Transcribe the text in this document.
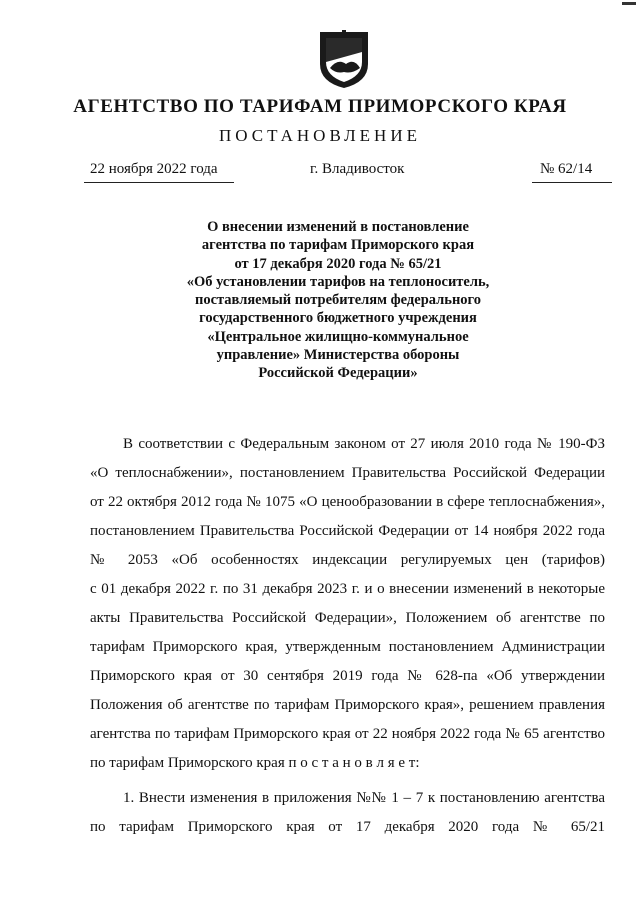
АГЕНТСТВО ПО ТАРИФАМ ПРИМОРСКОГО КРАЯ
ПОСТАНОВЛЕНИЕ
22 ноября 2022 года	г. Владивосток	№ 62/14
О внесении изменений в постановление
агентства по тарифам Приморского края
от 17 декабря 2020 года № 65/21
«Об установлении тарифов на теплоноситель,
поставляемый потребителям федерального
государственного бюджетного учреждения
«Центральное жилищно-коммунальное
управление» Министерства обороны
Российской Федерации»
В соответствии с Федеральным законом от 27 июля 2010 года № 190-ФЗ
«О теплоснабжении», постановлением Правительства Российской Федерации
от 22 октября 2012 года № 1075 «О ценообразовании в сфере теплоснабжения»,
постановлением Правительства Российской Федерации от 14 ноября 2022 года
№ 2053 «Об особенностях индексации регулируемых цен (тарифов)
с 01 декабря 2022 г. по 31 декабря 2023 г. и о внесении изменений в некоторые
акты Правительства Российской Федерации», Положением об агентстве по
тарифам Приморского края, утвержденным постановлением Администрации
Приморского края от 30 сентября 2019 года № 628-па «Об утверждении
Положения об агентстве по тарифам Приморского края», решением правления
агентства по тарифам Приморского края от 22 ноября 2022 года № 65 агентство
по тарифам Приморского края п о с т а н о в л я е т:
1. Внести изменения в приложения №№ 1 – 7 к постановлению агентства
по тарифам Приморского края от 17 декабря 2020 года № 65/21
